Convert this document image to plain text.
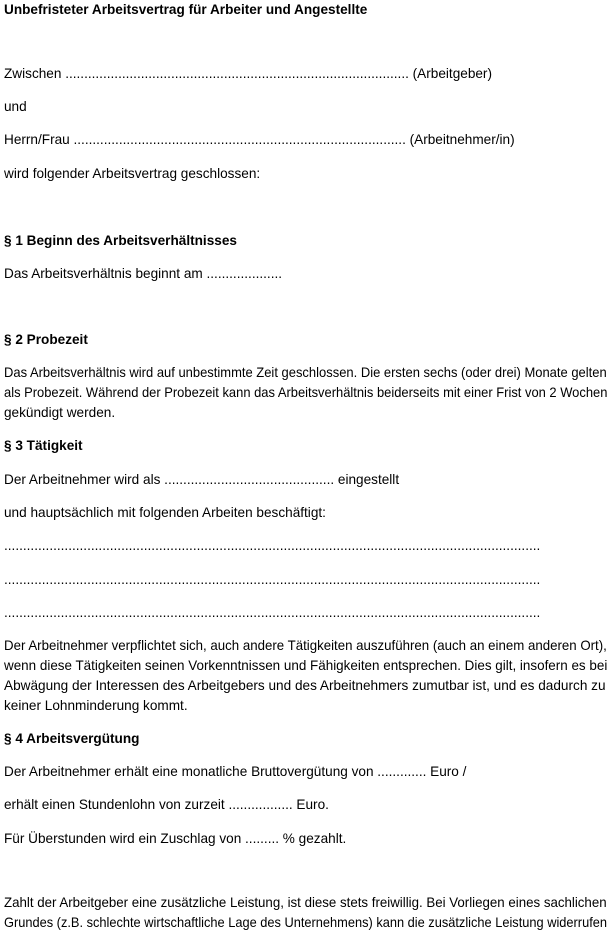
Unbefristeter Arbeitsvertrag für Arbeiter und Angestellte
Zwischen ........................................................................................... (Arbeitgeber)
und
Herrn/Frau ........................................................................................ (Arbeitnehmer/in)
wird folgender Arbeitsvertrag geschlossen:
§ 1 Beginn des Arbeitsverhältnisses
Das Arbeitsverhältnis beginnt am ....................
§ 2 Probezeit
Das Arbeitsverhältnis wird auf unbestimmte Zeit geschlossen. Die ersten sechs (oder drei) Monate gelten
als Probezeit. Während der Probezeit kann das Arbeitsverhältnis beiderseits mit einer Frist von 2 Wochen
gekündigt werden.
§ 3 Tätigkeit
Der Arbeitnehmer wird als ............................................. eingestellt
und hauptsächlich mit folgenden Arbeiten beschäftigt:
..............................................................................................................................................
..............................................................................................................................................
..............................................................................................................................................
Der Arbeitnehmer verpflichtet sich, auch andere Tätigkeiten auszuführen (auch an einem anderen Ort),
wenn diese Tätigkeiten seinen Vorkenntnissen und Fähigkeiten entsprechen. Dies gilt, insofern es bei
Abwägung der Interessen des Arbeitgebers und des Arbeitnehmers zumutbar ist, und es dadurch zu
keiner Lohnminderung kommt.
§ 4 Arbeitsvergütung
Der Arbeitnehmer erhält eine monatliche Bruttovergütung von ............. Euro /
erhält einen Stundenlohn von zurzeit ................. Euro.
Für Überstunden wird ein Zuschlag von ......... % gezahlt.
Zahlt der Arbeitgeber eine zusätzliche Leistung, ist diese stets freiwillig. Bei Vorliegen eines sachlichen
Grundes (z.B. schlechte wirtschaftliche Lage des Unternehmens) kann die zusätzliche Leistung widerrufen
